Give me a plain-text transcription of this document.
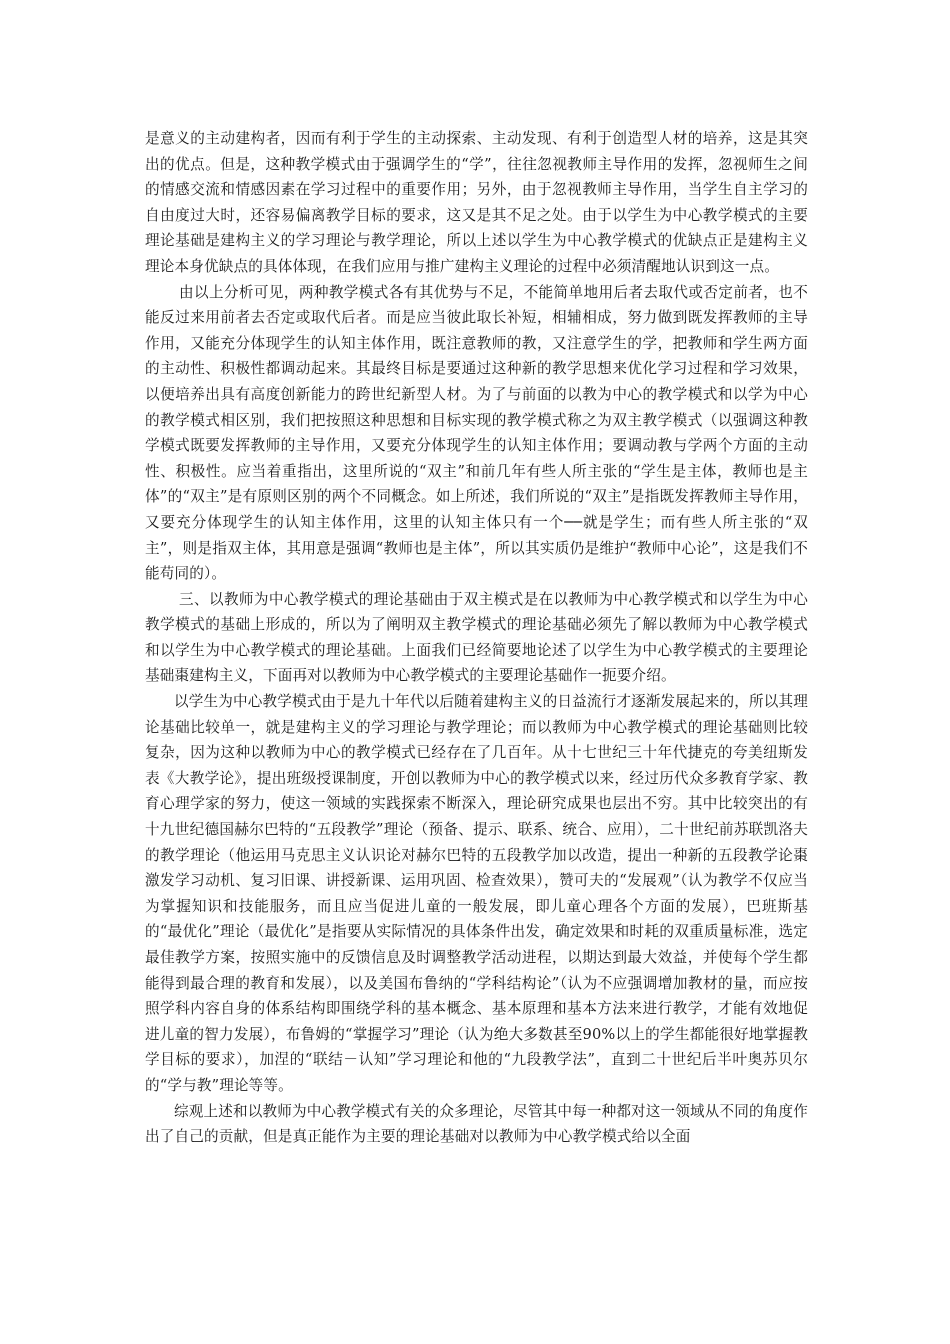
是意义的主动建构者，因而有利于学生的主动探索、主动发现、有利于创造型人材的培养，这是其突出的优点。但是，这种教学模式由于强调学生的“学”，往往忽视教师主导作用的发挥，忽视师生之间的情感交流和情感因素在学习过程中的重要作用；另外，由于忽视教师主导作用，当学生自主学习的自由度过大时，还容易偏离教学目标的要求，这又是其不足之处。由于以学生为中心教学模式的主要理论基础是建构主义的学习理论与教学理论，所以上述以学生为中心教学模式的优缺点正是建构主义理论本身优缺点的具体体现，在我们应用与推广建构主义理论的过程中必须清醒地认识到这一点。

由以上分析可见，两种教学模式各有其优势与不足，不能简单地用后者去取代或否定前者，也不能反过来用前者去否定或取代后者。而是应当彼此取长补短，相辅相成，努力做到既发挥教师的主导作用，又能充分体现学生的认知主体作用，既注意教师的教，又注意学生的学，把教师和学生两方面的主动性、积极性都调动起来。其最终目标是要通过这种新的教学思想来优化学习过程和学习效果，以便培养出具有高度创新能力的跨世纪新型人材。为了与前面的以教为中心的教学模式和以学为中心的教学模式相区别，我们把按照这种思想和目标实现的教学模式称之为双主教学模式（以强调这种教学模式既要发挥教师的主导作用，又要充分体现学生的认知主体作用；要调动教与学两个方面的主动性、积极性。应当着重指出，这里所说的“双主”和前几年有些人所主张的“学生是主体，教师也是主体”的“双主”是有原则区别的两个不同概念。如上所述，我们所说的“双主”是指既发挥教师主导作用，又要充分体现学生的认知主体作用，这里的认知主体只有一个──就是学生；而有些人所主张的“双主”，则是指双主体，其用意是强调“教师也是主体”，所以其实质仍是维护“教师中心论”，这是我们不能苟同的）。

三、以教师为中心教学模式的理论基础由于双主模式是在以教师为中心教学模式和以学生为中心教学模式的基础上形成的，所以为了阐明双主教学模式的理论基础必须先了解以教师为中心教学模式和以学生为中心教学模式的理论基础。上面我们已经简要地论述了以学生为中心教学模式的主要理论基础棗建构主义，下面再对以教师为中心教学模式的主要理论基础作一扼要介绍。

以学生为中心教学模式由于是九十年代以后随着建构主义的日益流行才逐渐发展起来的，所以其理论基础比较单一，就是建构主义的学习理论与教学理论；而以教师为中心教学模式的理论基础则比较复杂，因为这种以教师为中心的教学模式已经存在了几百年。从十七世纪三十年代捷克的夸美纽斯发表《大教学论》，提出班级授课制度，开创以教师为中心的教学模式以来，经过历代众多教育学家、教育心理学家的努力，使这一领域的实践探索不断深入，理论研究成果也层出不穷。其中比较突出的有十九世纪德国赫尔巴特的“五段教学”理论（预备、提示、联系、统合、应用），二十世纪前苏联凯洛夫的教学理论（他运用马克思主义认识论对赫尔巴特的五段教学加以改造，提出一种新的五段教学论棗激发学习动机、复习旧课、讲授新课、运用巩固、检查效果），赞可夫的“发展观”（认为教学不仅应当为掌握知识和技能服务，而且应当促进儿童的一般发展，即儿童心理各个方面的发展），巴班斯基的“最优化”理论（最优化”是指要从实际情况的具体条件出发，确定效果和时耗的双重质量标准，选定最佳教学方案，按照实施中的反馈信息及时调整教学活动进程，以期达到最大效益，并使每个学生都能得到最合理的教育和发展），以及美国布鲁纳的“学科结构论”（认为不应强调增加教材的量，而应按照学科内容自身的体系结构即围绕学科的基本概念、基本原理和基本方法来进行教学，才能有效地促进儿童的智力发展），布鲁姆的“掌握学习”理论（认为绝大多数甚至90%以上的学生都能很好地掌握教学目标的要求），加涅的“联结－认知”学习理论和他的“九段教学法”，直到二十世纪后半叶奥苏贝尔的“学与教”理论等等。

综观上述和以教师为中心教学模式有关的众多理论，尽管其中每一种都对这一领域从不同的角度作出了自己的贡献，但是真正能作为主要的理论基础对以教师为中心教学模式给以全面
